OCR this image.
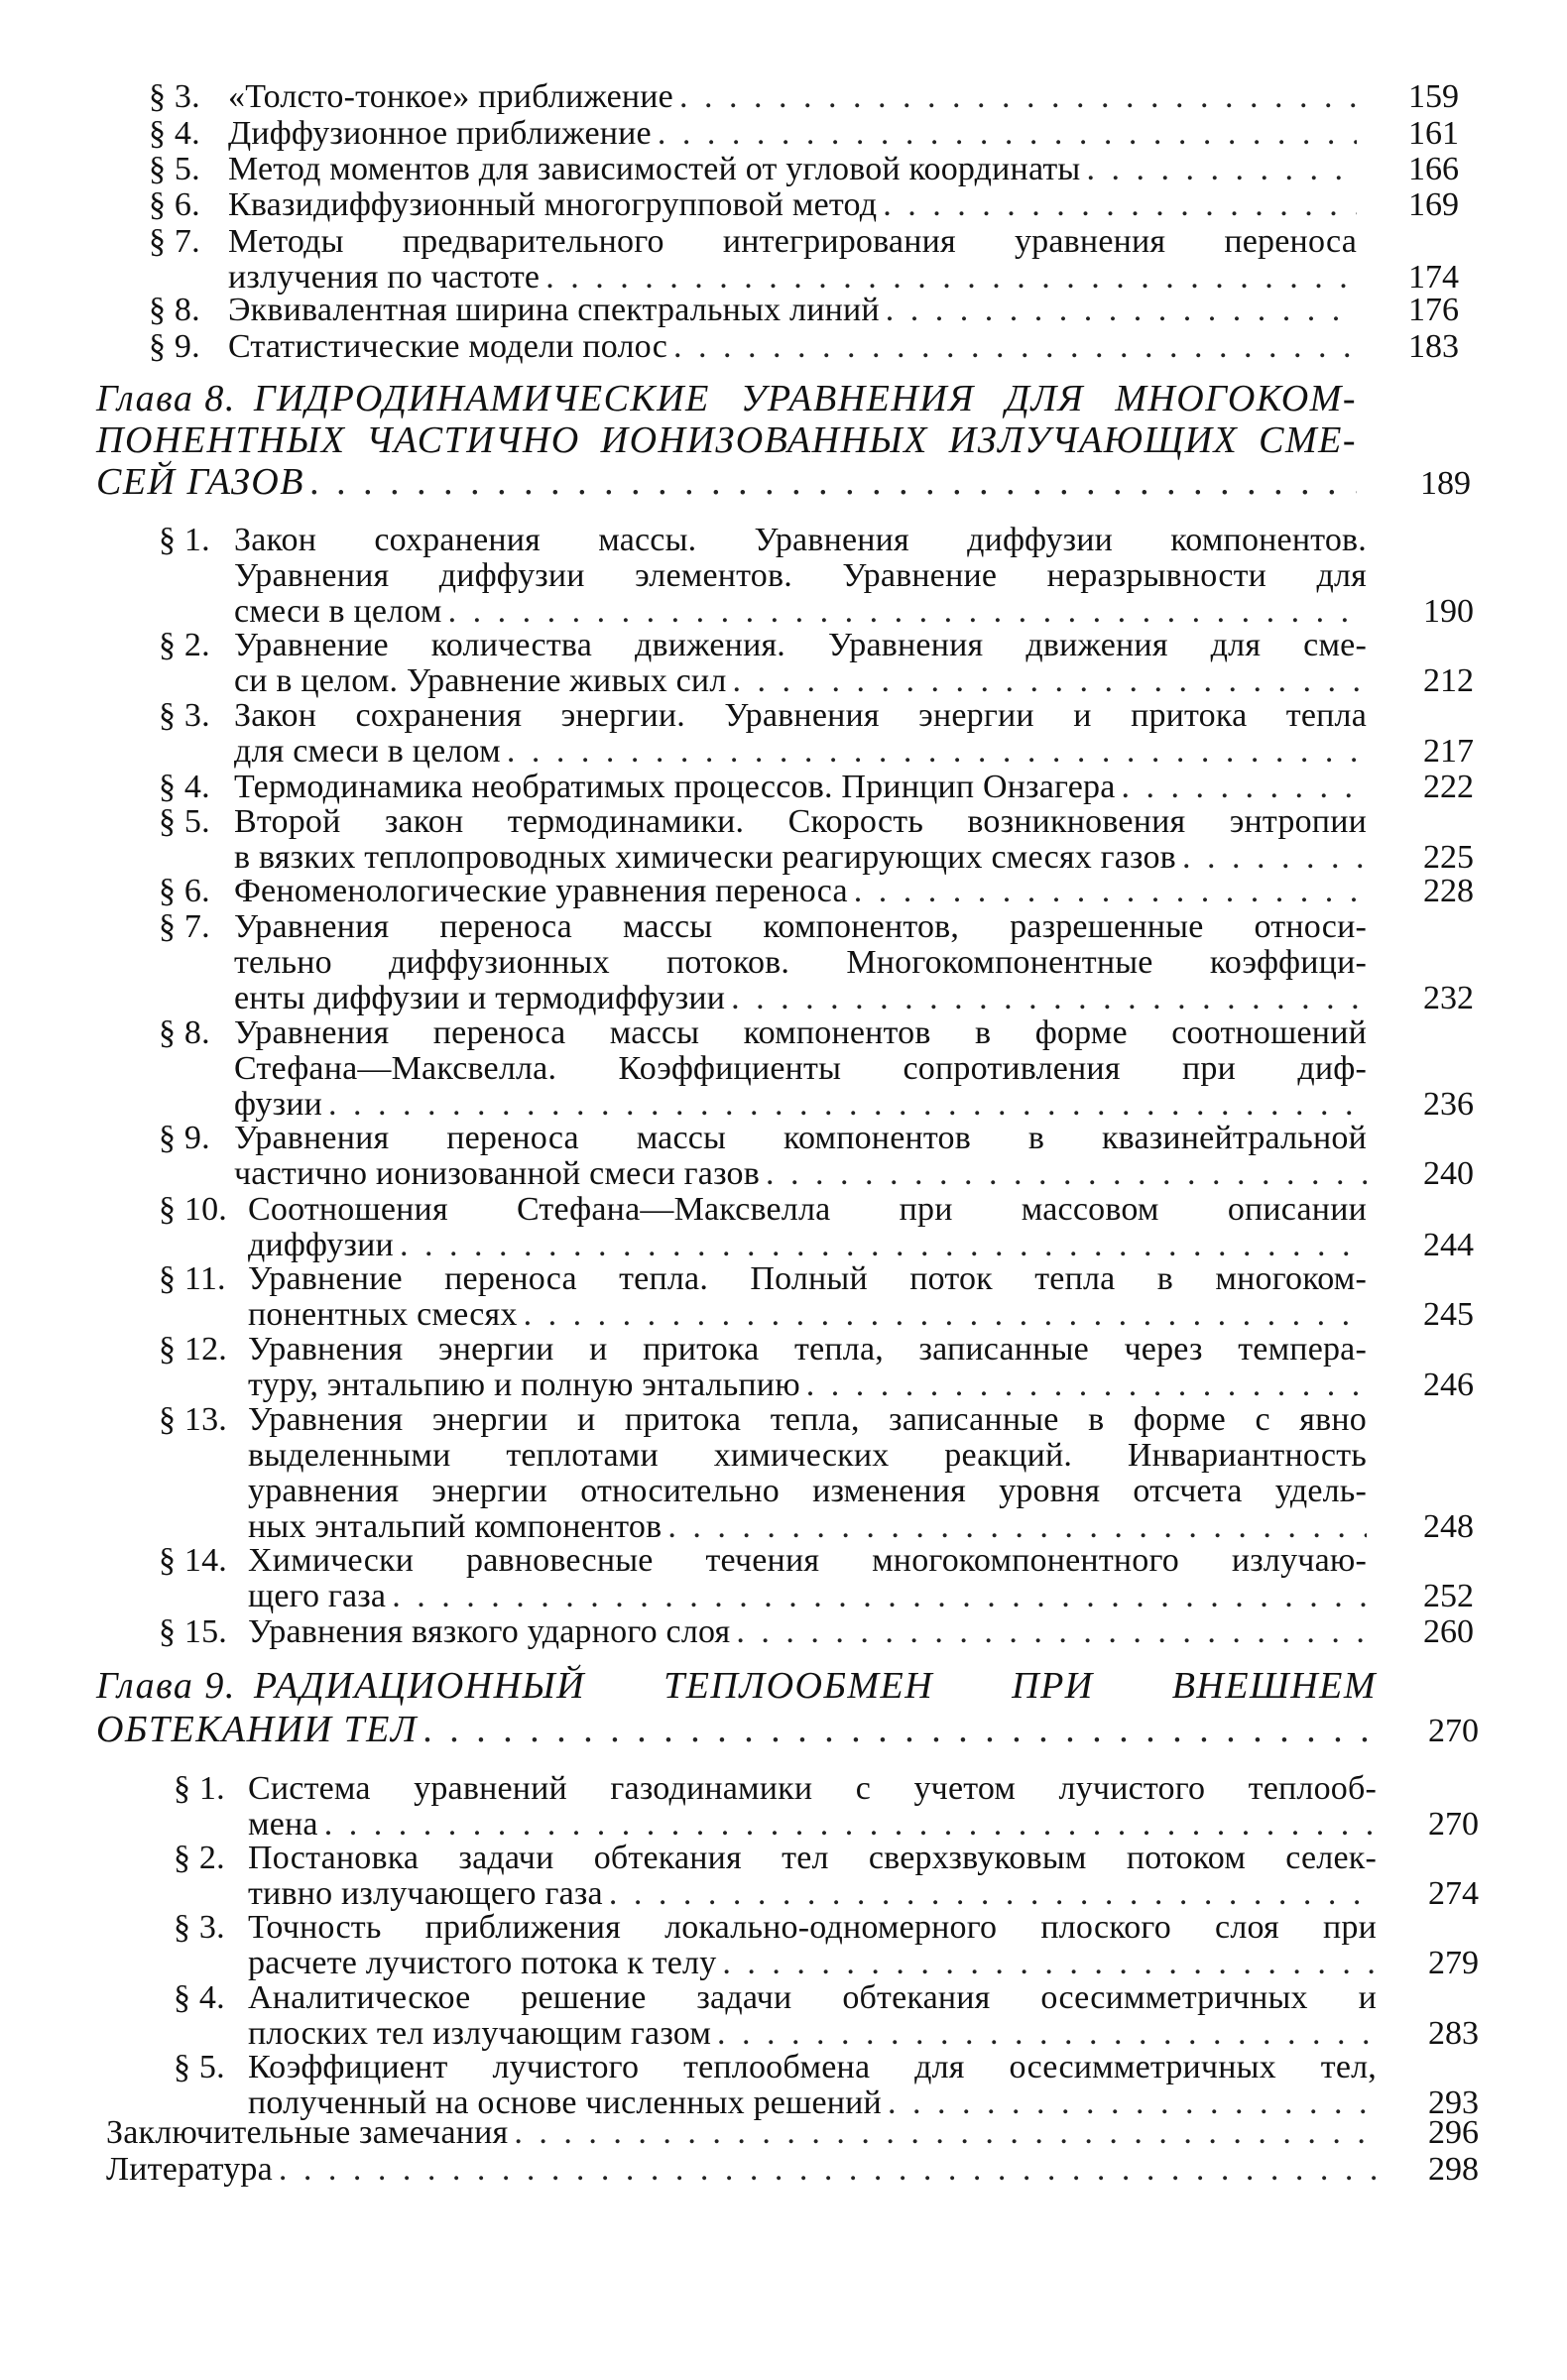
159
§ 3. «Толсто-тонкое» приближение
. . .
161
§ 4. Диффузионное приближение
. . .
166
§ 5. Метод моментов для зависимостей от угловой координаты
. . .
169
§ 6. Квазидиффузионный многогрупповой метод
. . .
§ 7. Методы предварительного интегрирования уравнения переноса
174
излучения по частоте
. . .
176
§ 8. Эквивалентная ширина спектральных линий
. . .
183
§ 9. Статистические модели полос
. . .
Глава 8. ГИДРОДИНАМИЧЕСКИЕ УРАВНЕНИЯ ДЛЯ МНОГОКОМ-
ПОНЕНТНЫХ ЧАСТИЧНО ИОНИЗОВАННЫХ ИЗЛУЧАЮЩИХ СМЕ-
189
СЕЙ ГАЗОВ
. . .
§ 1. Закон сохранения массы. Уравнения диффузии компонентов.
Уравнения диффузии элементов. Уравнение неразрывности для
190
смеси в целом
. . .
§ 2. Уравнение количества движения. Уравнения движения для сме-
212
си в целом. Уравнение живых сил
. . .
§ 3. Закон сохранения энергии. Уравнения энергии и притока тепла
217
для смеси в целом
. . .
222
§ 4. Термодинамика необратимых процессов. Принцип Онзагера
. . .
§ 5. Второй закон термодинамики. Скорость возникновения энтропии
225
в вязких теплопроводных химически реагирующих смесях газов
. . .
228
§ 6. Феноменологические уравнения переноса
. . .
§ 7. Уравнения переноса массы компонентов, разрешенные относи-
тельно диффузионных потоков. Многокомпонентные коэффици-
232
енты диффузии и термодиффузии
. . .
§ 8. Уравнения переноса массы компонентов в форме соотношений
Стефана—Максвелла. Коэффициенты сопротивления при диф-
236
фузии
. . .
§ 9. Уравнения переноса массы компонентов в квазинейтральной
240
частично ионизованной смеси газов
. . .
§ 10. Соотношения Стефана—Максвелла при массовом описании
244
диффузии
. . .
§ 11. Уравнение переноса тепла. Полный поток тепла в многоком-
245
понентных смесях
. . .
§ 12. Уравнения энергии и притока тепла, записанные через темпера-
246
туру, энтальпию и полную энтальпию
. . .
§ 13. Уравнения энергии и притока тепла, записанные в форме с явно
выделенными теплотами химических реакций. Инвариантность
уравнения энергии относительно изменения уровня отсчета удель-
248
ных энтальпий компонентов
. . .
§ 14. Химически равновесные течения многокомпонентного излучаю-
252
щего газа
. . .
260
§ 15. Уравнения вязкого ударного слоя
. . .
Глава 9. РАДИАЦИОННЫЙ ТЕПЛООБМЕН ПРИ ВНЕШНЕМ
270
ОБТЕКАНИИ ТЕЛ
. . .
§ 1. Система уравнений газодинамики с учетом лучистого теплооб-
270
мена
. . .
§ 2. Постановка задачи обтекания тел сверхзвуковым потоком селек-
274
тивно излучающего газа
. . .
§ 3. Точность приближения локально-одномерного плоского слоя при
279
расчете лучистого потока к телу
. . .
§ 4. Аналитическое решение задачи обтекания осесимметричных и
283
плоских тел излучающим газом
. . .
§ 5. Коэффициент лучистого теплообмена для осесимметричных тел,
293
полученный на основе численных решений
. . .
296
Заключительные замечания
. . .
298
Литература
. . .
